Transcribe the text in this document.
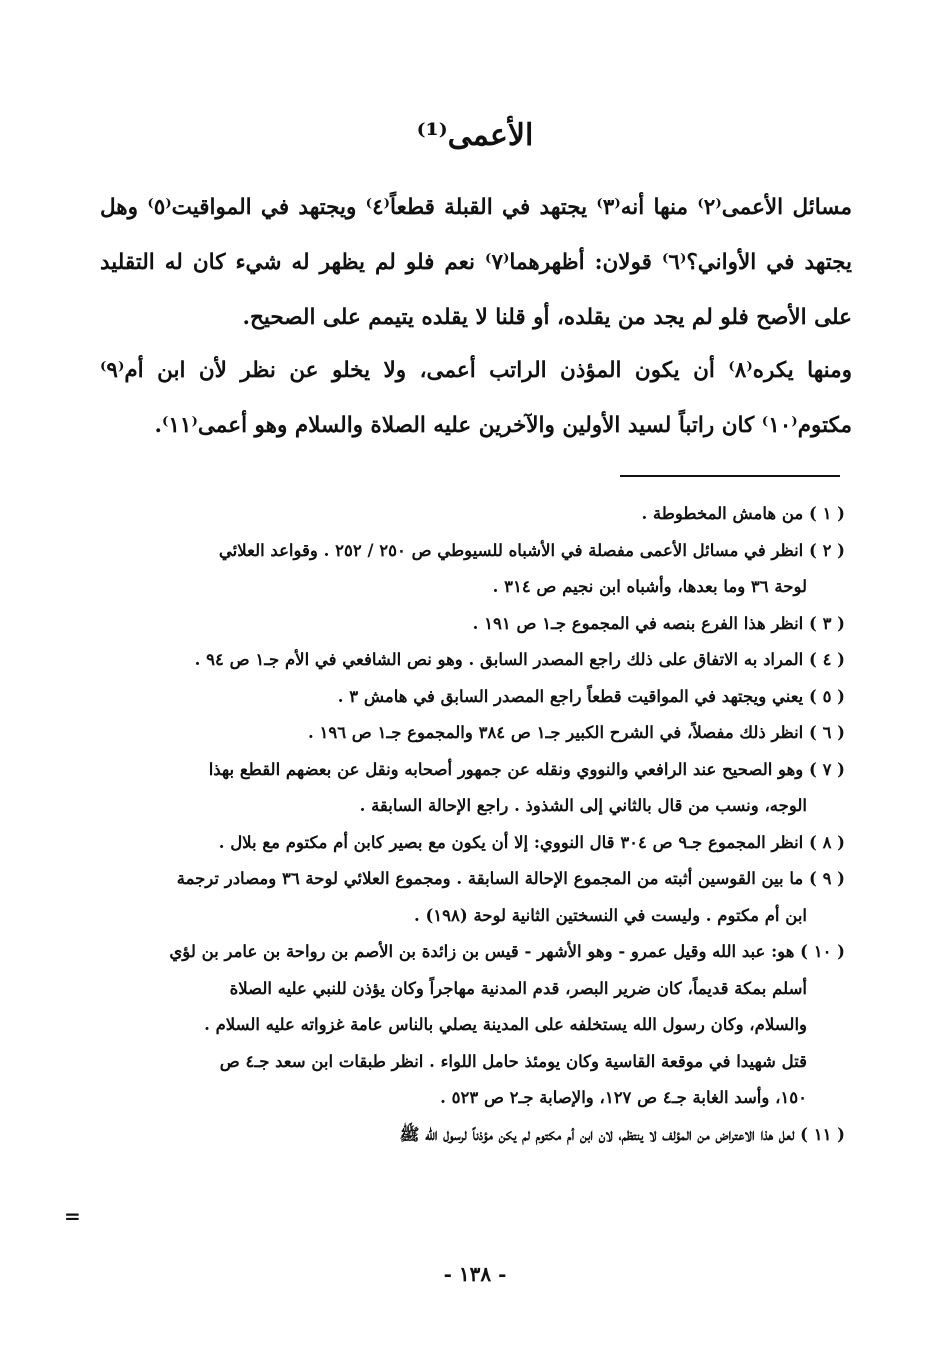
الأعمى⁽¹⁾
مسائل الأعمى⁽٢⁾ منها أنه⁽٣⁾ يجتهد في القبلة قطعاً⁽٤⁾ ويجتهد في المواقيت⁽٥⁾ وهل يجتهد في الأواني؟⁽٦⁾ قولان: أظهرهما⁽٧⁾ نعم فلو لم يظهر له شيء كان له التقليد على الأصح فلو لم يجد من يقلده، أو قلنا لا يقلده يتيمم على الصحيح.
ومنها يكره⁽٨⁾ أن يكون المؤذن الراتب أعمى، ولا يخلو عن نظر لأن ابن أم⁽٩⁾ مكتوم⁽١٠⁾ كان راتباً لسيد الأولين والآخرين عليه الصلاة والسلام وهو أعمى⁽١١⁾.
( ١ ) من هامش المخطوطة .
( ٢ ) انظر في مسائل الأعمى مفصلة في الأشباه للسيوطي ص ٢٥٠ / ٢٥٢ . وقواعد العلائي
لوحة ٣٦ وما بعدها، وأشباه ابن نجيم ص ٣١٤ .
( ٣ ) انظر هذا الفرع بنصه في المجموع جـ١ ص ١٩١ .
( ٤ ) المراد به الاتفاق على ذلك راجع المصدر السابق . وهو نص الشافعي في الأم جـ١ ص ٩٤ .
( ٥ ) يعني ويجتهد في المواقيت قطعاً راجع المصدر السابق في هامش ٣ .
( ٦ ) انظر ذلك مفصلاً، في الشرح الكبير جـ١ ص ٣٨٤ والمجموع جـ١ ص ١٩٦ .
( ٧ ) وهو الصحيح عند الرافعي والنووي ونقله عن جمهور أصحابه ونقل عن بعضهم القطع بهذا
الوجه، ونسب من قال بالثاني إلى الشذوذ . راجع الإحالة السابقة .
( ٨ ) انظر المجموع جـ٩ ص ٣٠٤ قال النووي: إلا أن يكون مع بصير كابن أم مكتوم مع بلال .
( ٩ ) ما بين القوسين أثبته من المجموع الإحالة السابقة . ومجموع العلائي لوحة ٣٦ ومصادر ترجمة
ابن أم مكتوم . وليست في النسختين الثانية لوحة (١٩٨) .
( ١٠ ) هو: عبد الله وقيل عمرو - وهو الأشهر - قيس بن زائدة بن الأصم بن رواحة بن عامر بن لؤي
أسلم بمكة قديماً، كان ضرير البصر، قدم المدنية مهاجراً وكان يؤذن للنبي عليه الصلاة
والسلام، وكان رسول الله يستخلفه على المدينة يصلي بالناس عامة غزواته عليه السلام .
قتل شهيدا في موقعة القاسية وكان يومئذ حامل اللواء . انظر طبقات ابن سعد جـ٤ ص
١٥٠، وأسد الغابة جـ٤ ص ١٢٧، والإصابة جـ٢ ص ٥٢٣ .
( ١١ ) لعل هذا الاعتراض من المؤلف لا ينتظم، لان ابن أم مكتوم لم يكن مؤذناً لرسول الله ﷺ
=
- ١٣٨ -
